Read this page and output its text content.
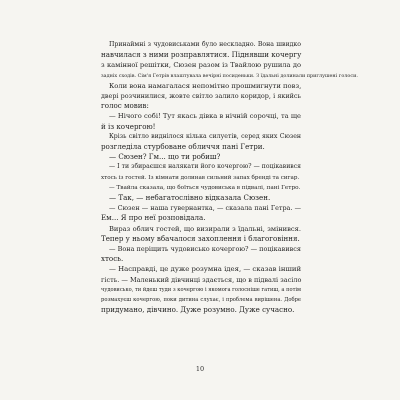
Принаймні з чудовиськами було нескладно. Вона швидко
навчилася з ними розправлятися. Піднявши кочергу
з камінної решітки, Сюзен разом із Твайлою рушила до
задніх сходів. Сім'я Гетрів влаштувала вечірні посиденьки. З їдальні долинали приглушені голоси.
Коли вона намагалася непомітно прошмигнути повз,
двері розчинилися, жовте світло залило коридор, і якийсь
голос мовив:
— Нічого собі! Тут якась дівка в нічній сорочці, та ще
й із кочергою!
Крізь світло виднілося кілька силуетів, серед яких Сюзен
розгледіла стурбоване обличчя пані Гетри.
— Сюзен? Гм... що ти робиш?
— І ти збираєшся налякати його кочергою? — поцікавився
хтось із гостей. Із кімнати долинав сильний запах бренді та сигар.
— Твайла сказала, що боїться чудовиська в підвалі, пані Гетро.
— Так, — небагатослівно відказала Сюзен.
— Сюзен — наша гувернантка, — сказала пані Гетра. —
Ем... Я про неї розповідала.
Вираз облич гостей, що визирали з їдальні, змінився.
Тепер у ньому вбачалося захоплення і благоговіння.
— Вона періщить чудовисько кочергою? — поцікавився
хтось.
— Насправді, це дуже розумна ідея, — сказав інший
гість. — Маленький дівчинці здається, що в підвалі засіло
чудовисько, ти йдеш туди з кочергою і якомога голосніше гатиш, а потім
розмахуєш кочергою, поки дитина слухає, і проблема вирішена. Добре
придумано, дівчино. Дуже розумно. Дуже сучасно.
10
